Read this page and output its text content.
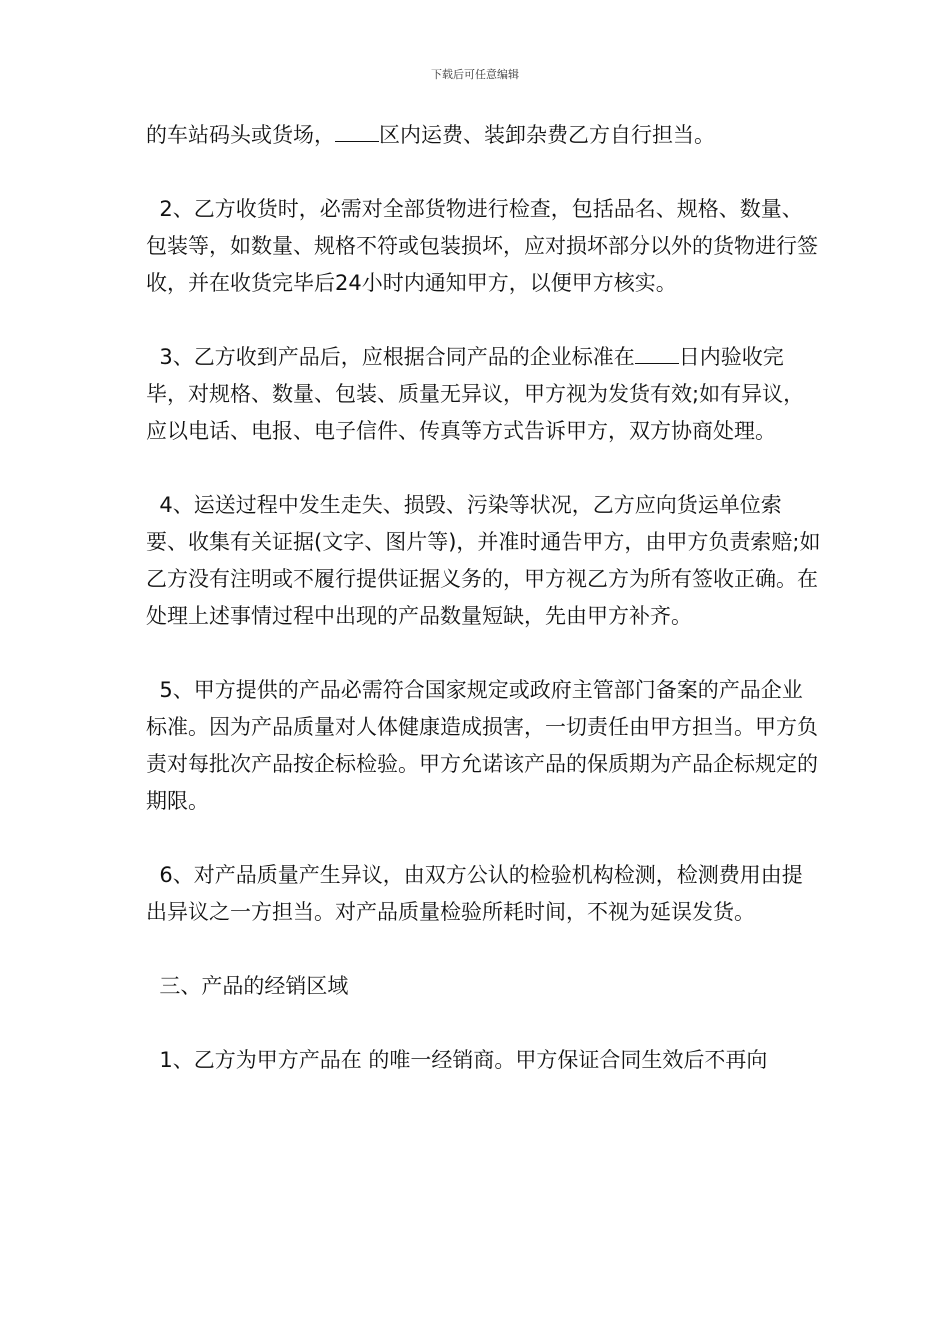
下载后可任意编辑

的车站码头或货场， 区内运费、装卸杂费乙方自行担当。

2、乙方收货时，必需对全部货物进行检查，包括品名、规格、数量、包装等，如数量、规格不符或包装损坏，应对损坏部分以外的货物进行签收，并在收货完毕后24小时内通知甲方，以便甲方核实。

3、乙方收到产品后，应根据合同产品的企业标准在 日内验收完毕，对规格、数量、包装、质量无异议，甲方视为发货有效;如有异议，应以电话、电报、电子信件、传真等方式告诉甲方，双方协商处理。

4、运送过程中发生走失、损毁、污染等状况，乙方应向货运单位索要、收集有关证据(文字、图片等)，并准时通告甲方，由甲方负责索赔;如乙方没有注明或不履行提供证据义务的，甲方视乙方为所有签收正确。在处理上述事情过程中出现的产品数量短缺，先由甲方补齐。

5、甲方提供的产品必需符合国家规定或政府主管部门备案的产品企业标准。因为产品质量对人体健康造成损害，一切责任由甲方担当。甲方负责对每批次产品按企标检验。甲方允诺该产品的保质期为产品企标规定的期限。

6、对产品质量产生异议，由双方公认的检验机构检测，检测费用由提出异议之一方担当。对产品质量检验所耗时间，不视为延误发货。

三、产品的经销区域

1、乙方为甲方产品在 的唯一经销商。甲方保证合同生效后不再向
